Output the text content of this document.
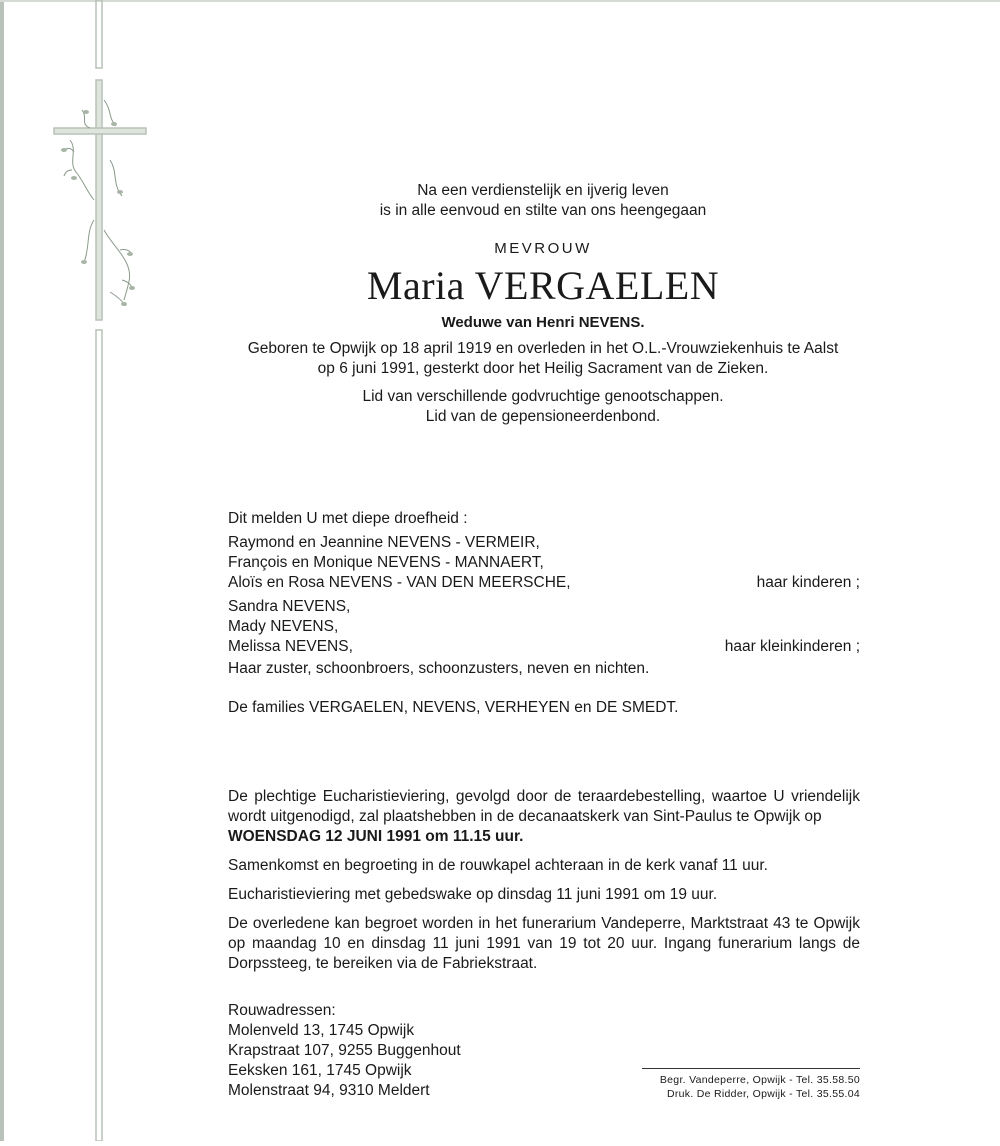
Na een verdienstelijk en ijverig leven
is in alle eenvoud en stilte van ons heengegaan
MEVROUW
Maria VERGAELEN
Weduwe van Henri NEVENS.
Geboren te Opwijk op 18 april 1919 en overleden in het O.L.-Vrouwziekenhuis te Aalst
op 6 juni 1991, gesterkt door het Heilig Sacrament van de Zieken.
Lid van verschillende godvruchtige genootschappen.
Lid van de gepensioneerdenbond.
Dit melden U met diepe droefheid :
Raymond en Jeannine NEVENS - VERMEIR,
François en Monique NEVENS - MANNAERT,
Aloïs en Rosa NEVENS - VAN DEN MEERSCHE,	haar kinderen ;
Sandra NEVENS,
Mady NEVENS,
Melissa NEVENS,	haar kleinkinderen ;
Haar zuster, schoonbroers, schoonzusters, neven en nichten.
De families VERGAELEN, NEVENS, VERHEYEN en DE SMEDT.
De plechtige Eucharistieviering, gevolgd door de teraardebestelling, waartoe U vriendelijk wordt uitgenodigd, zal plaatshebben in de decanaatskerk van Sint-Paulus te Opwijk op
WOENSDAG 12 JUNI 1991 om 11.15 uur.
Samenkomst en begroeting in de rouwkapel achteraan in de kerk vanaf 11 uur.
Eucharistieviering met gebedswake op dinsdag 11 juni 1991 om 19 uur.
De overledene kan begroet worden in het funerarium Vandeperre, Marktstraat 43 te Opwijk op maandag 10 en dinsdag 11 juni 1991 van 19 tot 20 uur. Ingang funerarium langs de Dorpssteeg, te bereiken via de Fabriekstraat.
Rouwadressen:
Molenveld 13, 1745 Opwijk
Krapstraat 107, 9255 Buggenhout
Eeksken 161, 1745 Opwijk
Molenstraat 94, 9310 Meldert
Begr. Vandeperre, Opwijk - Tel. 35.58.50
Druk. De Ridder, Opwijk - Tel. 35.55.04
